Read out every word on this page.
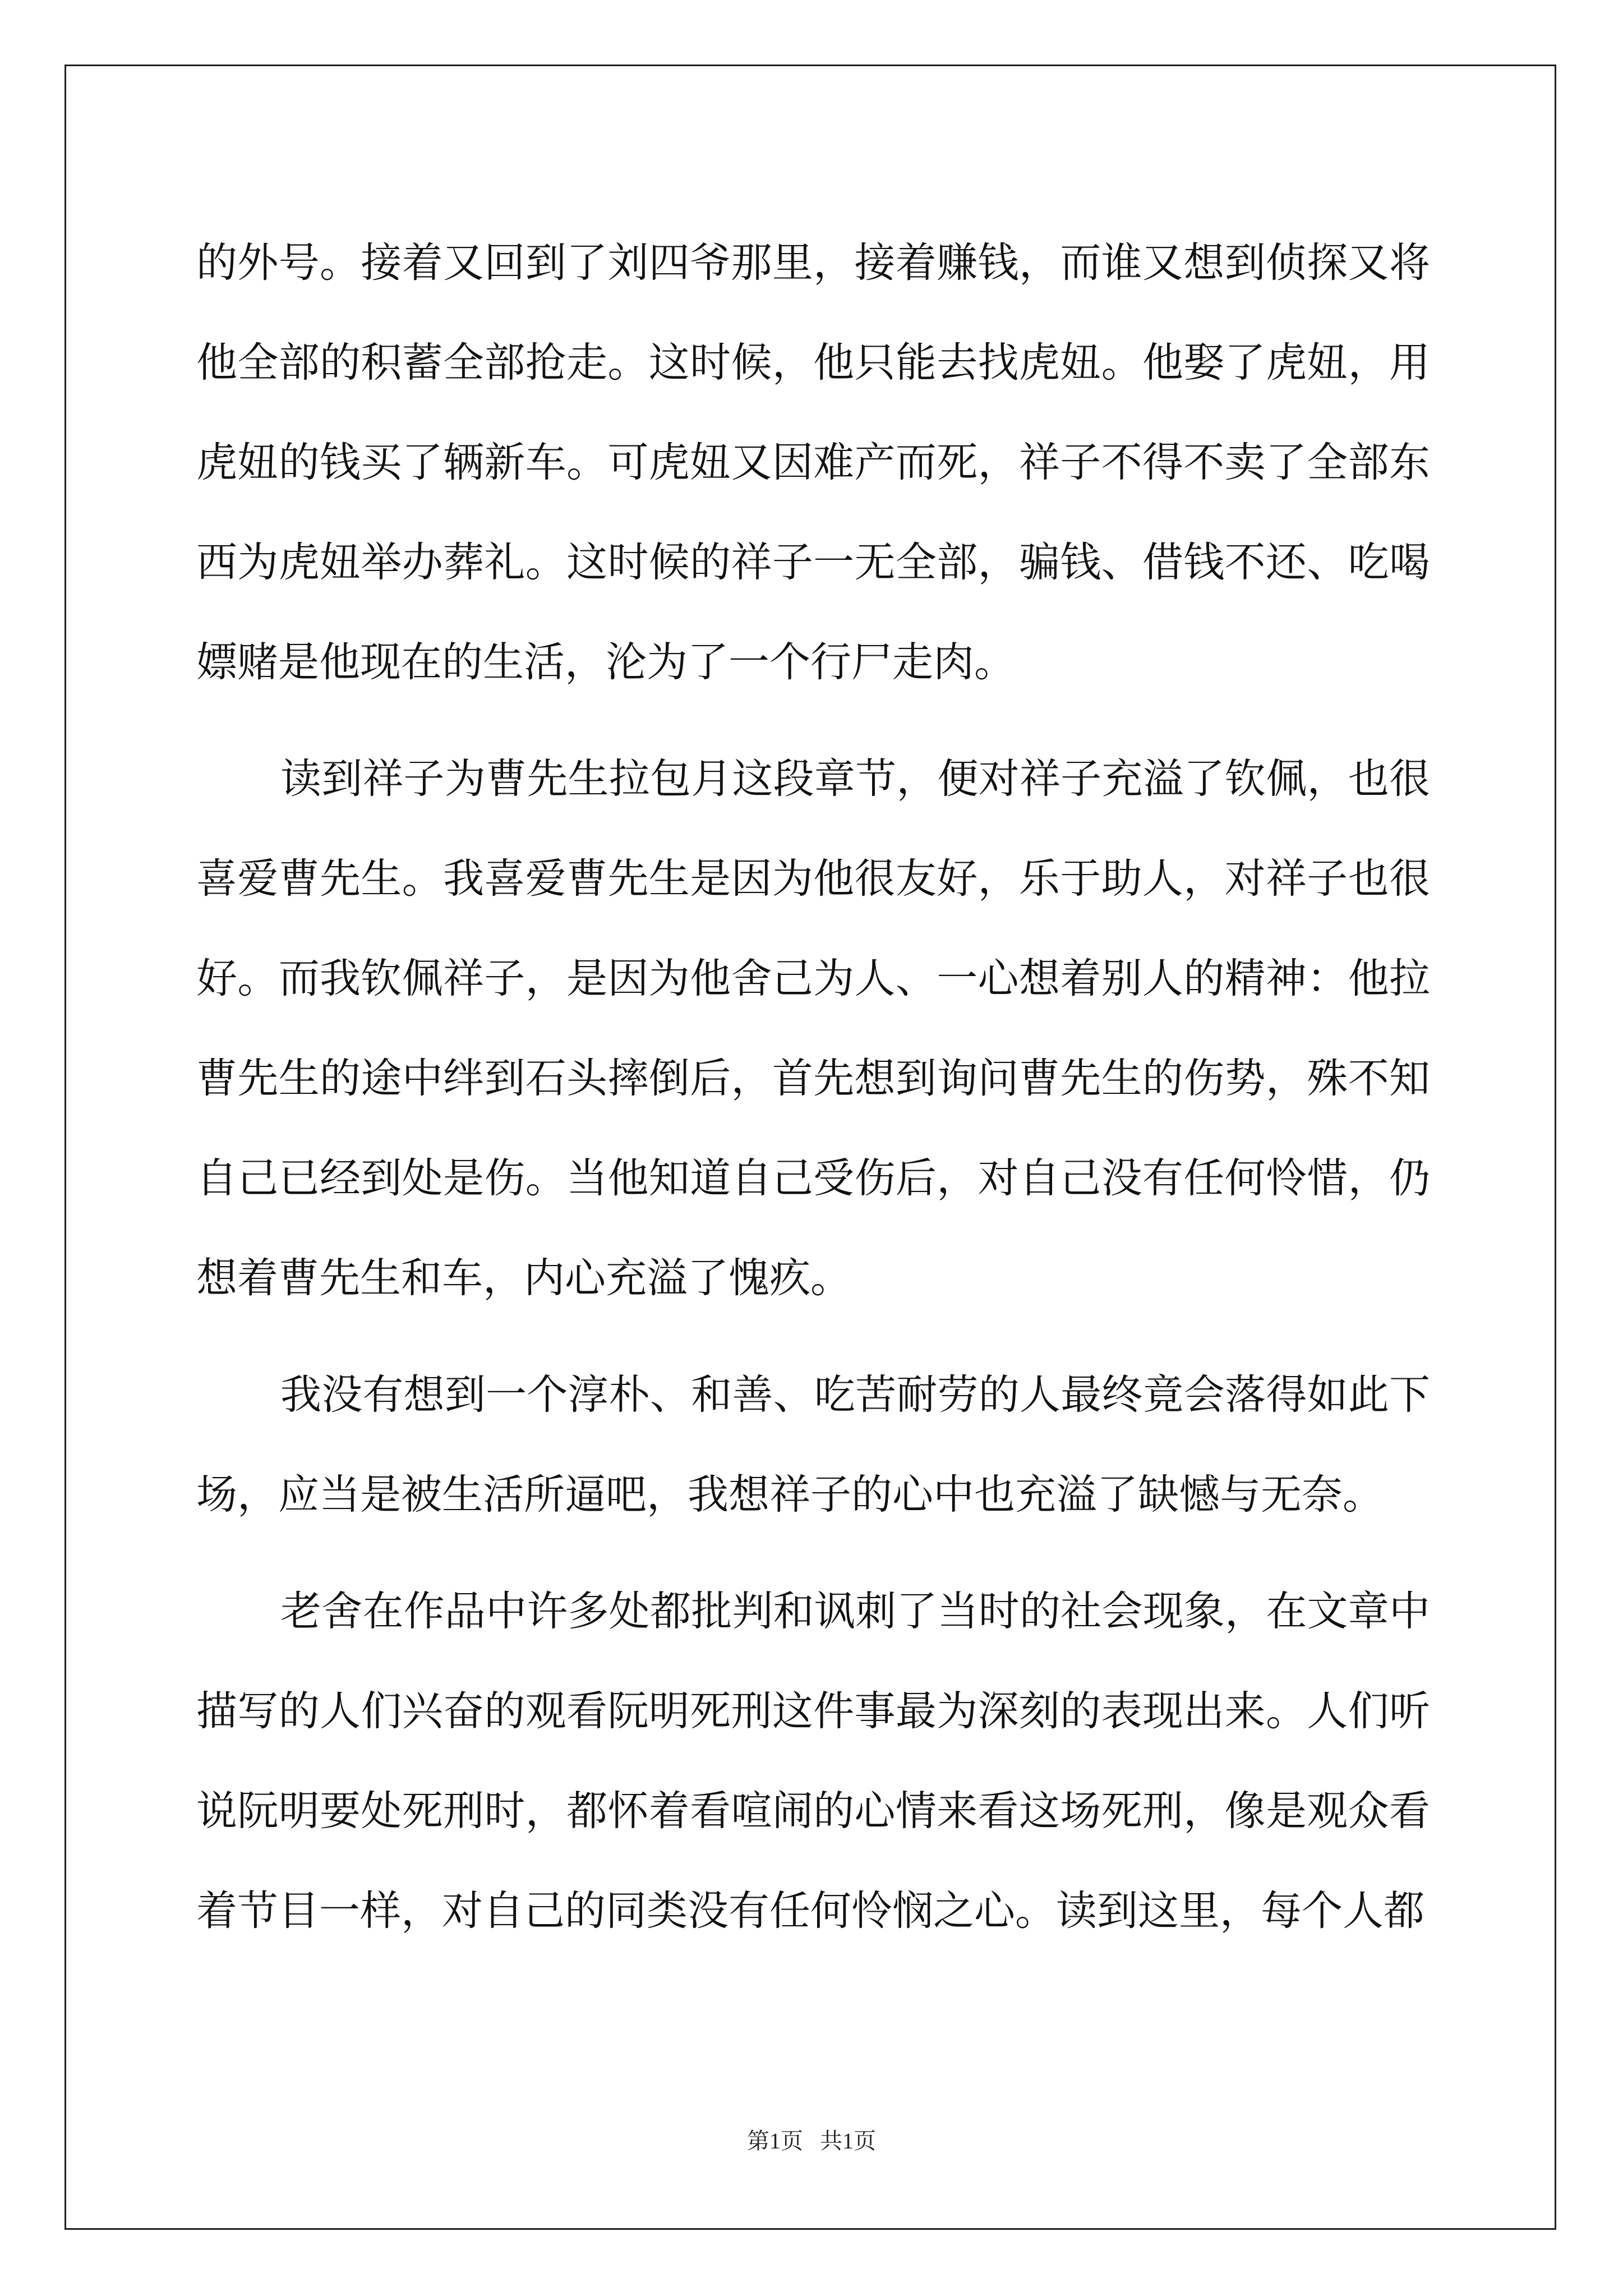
的外号。接着又回到了刘四爷那里，接着赚钱，而谁又想到侦探又将
他全部的积蓄全部抢走。这时候，他只能去找虎妞。他娶了虎妞，用
虎妞的钱买了辆新车。可虎妞又因难产而死，祥子不得不卖了全部东
西为虎妞举办葬礼。这时候的祥子一无全部，骗钱、借钱不还、吃喝
嫖赌是他现在的生活，沦为了一个行尸走肉。
读到祥子为曹先生拉包月这段章节，便对祥子充溢了钦佩，也很
喜爱曹先生。我喜爱曹先生是因为他很友好，乐于助人，对祥子也很
好。而我钦佩祥子，是因为他舍己为人、一心想着别人的精神：他拉
曹先生的途中绊到石头摔倒后，首先想到询问曹先生的伤势，殊不知
自己已经到处是伤。当他知道自己受伤后，对自己没有任何怜惜，仍
想着曹先生和车，内心充溢了愧疚。
我没有想到一个淳朴、和善、吃苦耐劳的人最终竟会落得如此下
场，应当是被生活所逼吧，我想祥子的心中也充溢了缺憾与无奈。
老舍在作品中许多处都批判和讽刺了当时的社会现象，在文章中
描写的人们兴奋的观看阮明死刑这件事最为深刻的表现出来。人们听
说阮明要处死刑时，都怀着看喧闹的心情来看这场死刑，像是观众看
着节目一样，对自己的同类没有任何怜悯之心。读到这里，每个人都
第1页 共1页
